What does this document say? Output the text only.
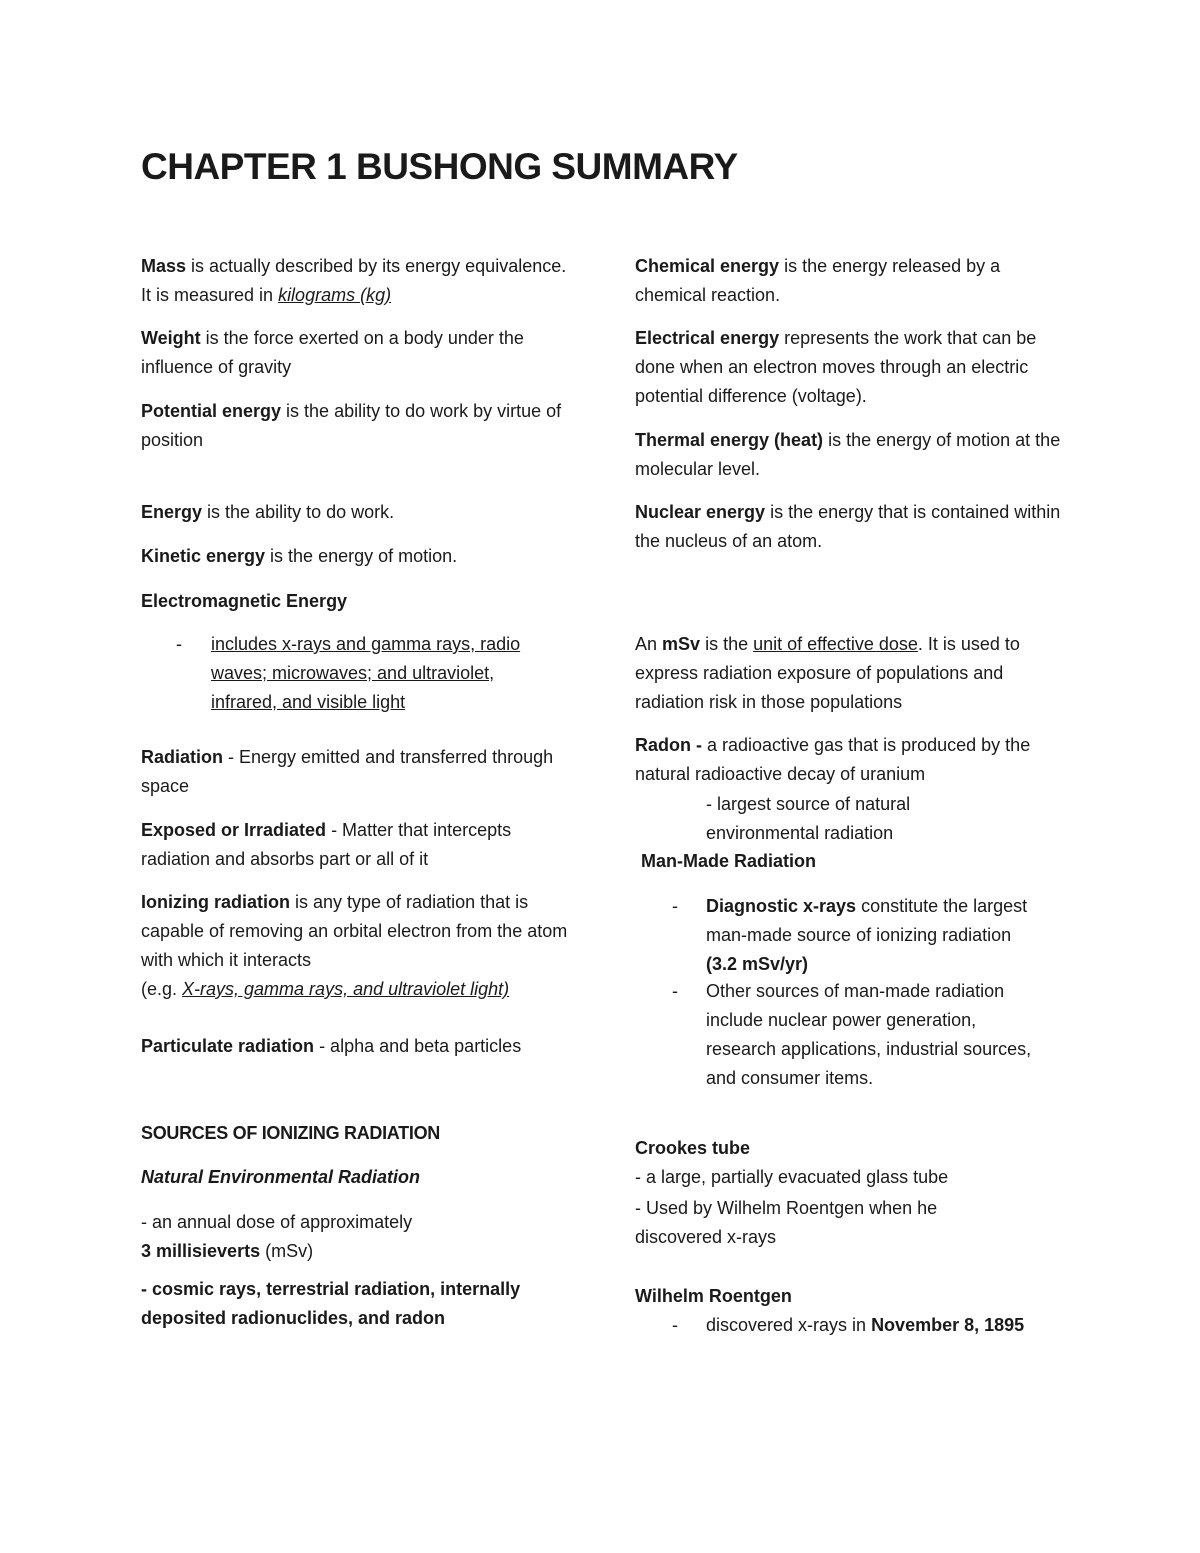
CHAPTER 1 BUSHONG SUMMARY

Mass is actually described by its energy equivalence. It is measured in kilograms (kg)

Weight is the force exerted on a body under the influence of gravity

Potential energy is the ability to do work by virtue of position

Energy is the ability to do work.

Kinetic energy is the energy of motion.

Electromagnetic Energy

- includes x-rays and gamma rays, radio waves; microwaves; and ultraviolet, infrared, and visible light

Radiation - Energy emitted and transferred through space

Exposed or Irradiated - Matter that intercepts radiation and absorbs part or all of it

Ionizing radiation is any type of radiation that is capable of removing an orbital electron from the atom with which it interacts
(e.g. X-rays, gamma rays, and ultraviolet light)

Particulate radiation - alpha and beta particles

SOURCES OF IONIZING RADIATION

Natural Environmental Radiation

- an annual dose of approximately
3 millisieverts (mSv)

- cosmic rays, terrestrial radiation, internally deposited radionuclides, and radon

Chemical energy is the energy released by a chemical reaction.

Electrical energy represents the work that can be done when an electron moves through an electric potential difference (voltage).

Thermal energy (heat) is the energy of motion at the molecular level.

Nuclear energy is the energy that is contained within the nucleus of an atom.

An mSv is the unit of effective dose. It is used to express radiation exposure of populations and radiation risk in those populations

Radon - a radioactive gas that is produced by the natural radioactive decay of uranium

- largest source of natural environmental radiation

Man-Made Radiation

- Diagnostic x-rays constitute the largest man-made source of ionizing radiation
(3.2 mSv/yr)

- Other sources of man-made radiation include nuclear power generation, research applications, industrial sources, and consumer items.

Crookes tube

- a large, partially evacuated glass tube

- Used by Wilhelm Roentgen when he discovered x-rays

Wilhelm Roentgen

- discovered x-rays in November 8, 1895
